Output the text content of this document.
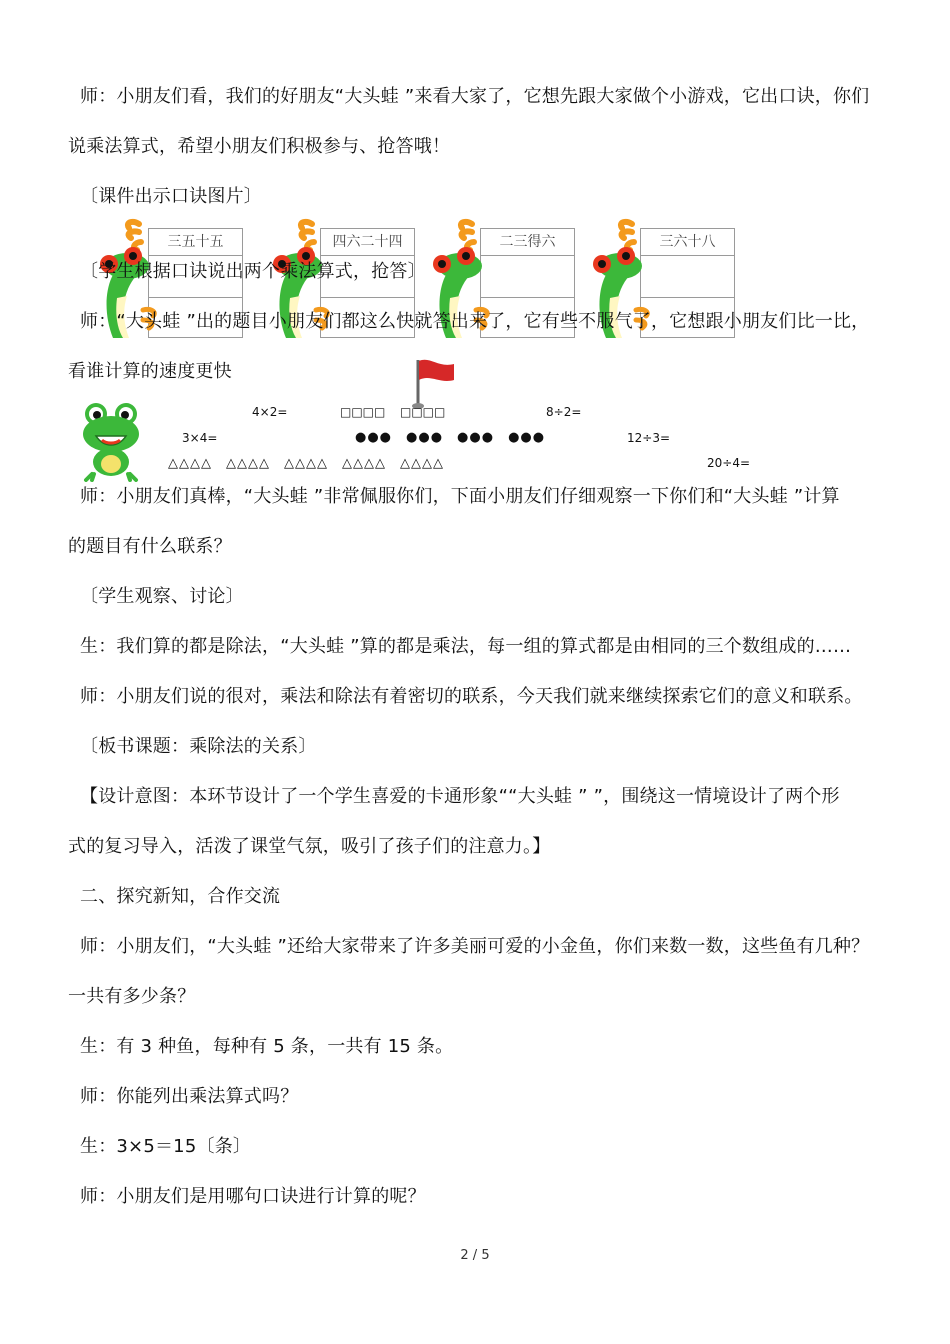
师：小朋友们看，我们的好朋友“大头蛙 ”来看大家了，它想先跟大家做个小游戏，它出口诀，你们
说乘法算式，希望小朋友们积极参与、抢答哦！
〔课件出示口诀图片〕
三五十五	四六二十四	二三得六	三六十八
〔学生根据口诀说出两个乘法算式，抢答〕
师：“大头蛙 ”出的题目小朋友们都这么快就答出来了，它有些不服气了，它想跟小朋友们比一比，
看谁计算的速度更快
4×2=	□□□□ □□□□	8÷2=
3×4=	●●●　●●●　●●●　●●●	12÷3=
△△△△　△△△△　△△△△　△△△△　△△△△	20÷4=
师：小朋友们真棒，“大头蛙 ”非常佩服你们，下面小朋友们仔细观察一下你们和“大头蛙 ”计算
的题目有什么联系？
〔学生观察、讨论〕
生：我们算的都是除法，“大头蛙 ”算的都是乘法，每一组的算式都是由相同的三个数组成的……
师：小朋友们说的很对，乘法和除法有着密切的联系，今天我们就来继续探索它们的意义和联系。
〔板书课题：乘除法的关系〕
【设计意图：本环节设计了一个学生喜爱的卡通形象““大头蛙 ” ”，围绕这一情境设计了两个形
式的复习导入，活泼了课堂气氛，吸引了孩子们的注意力。】
二、探究新知，合作交流
师：小朋友们，“大头蛙 ”还给大家带来了许多美丽可爱的小金鱼，你们来数一数，这些鱼有几种？
一共有多少条？
生：有 3 种鱼，每种有 5 条，一共有 15 条。
师：你能列出乘法算式吗？
生：3×5＝15〔条〕
师：小朋友们是用哪句口诀进行计算的呢？
2 / 5
